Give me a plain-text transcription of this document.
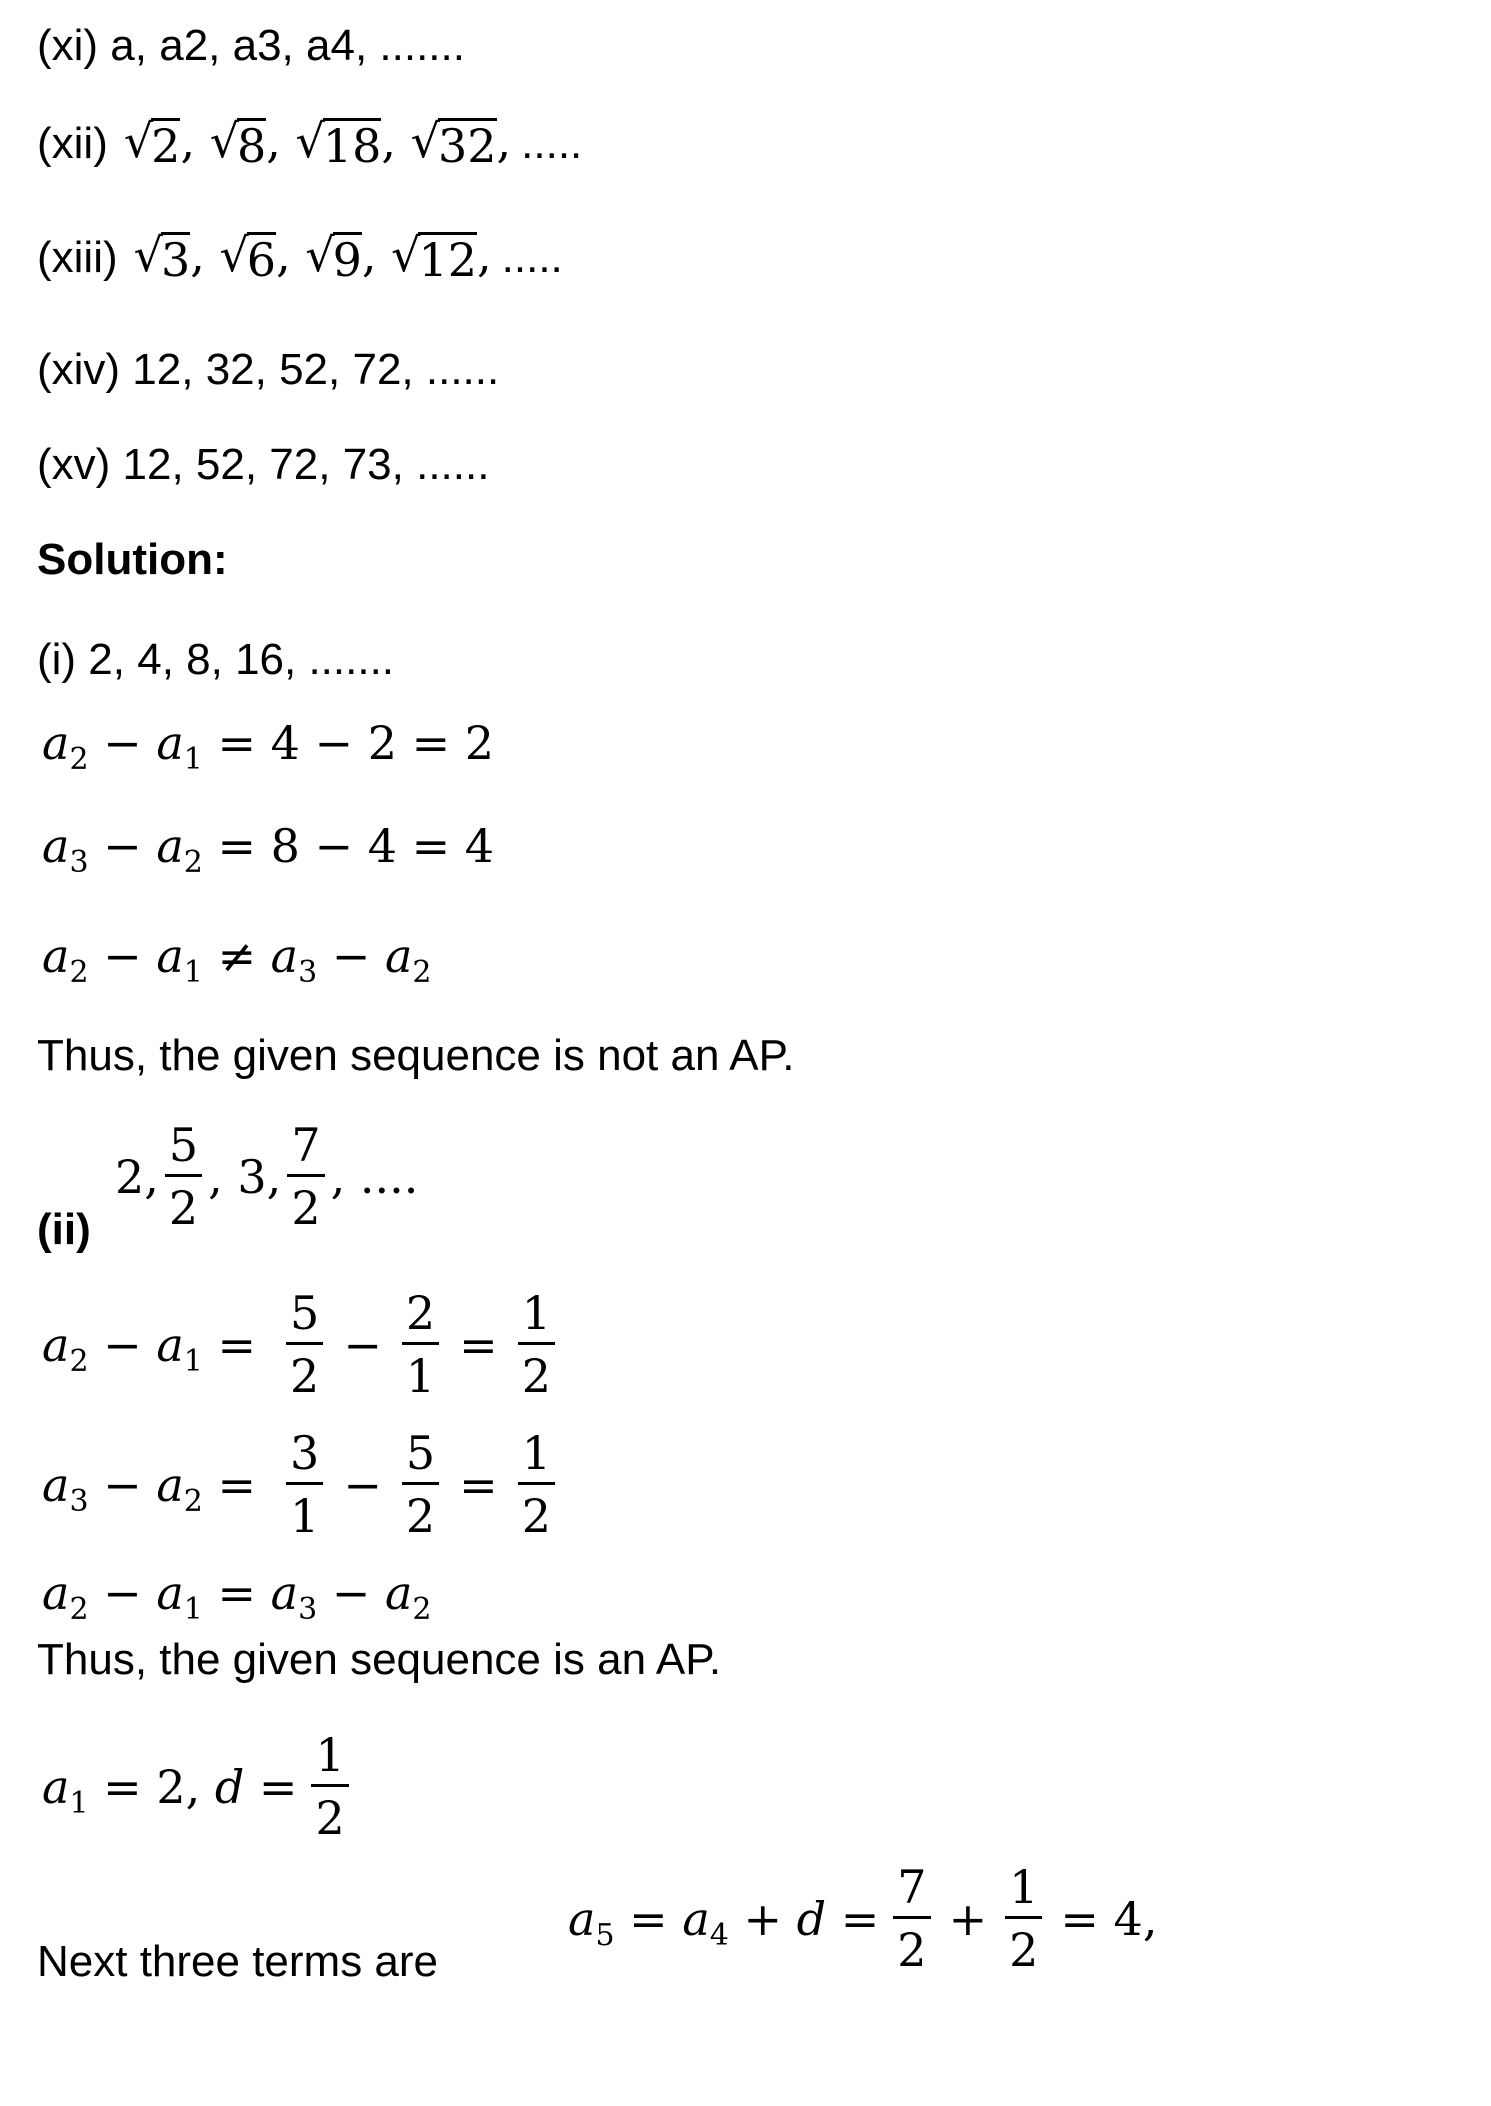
(xi) a, a2, a3, a4, .......
(xii) √
2 , √
8 , √
18 , √
32 , .....
(xiii) √
3 , √
6 , √
9 , √
12 , .....
(xiv) 12, 32, 52, 72, ......
(xv) 12, 52, 72, 73, ......
Solution:
(i) 2, 4, 8, 16, .......
$a_2 - a_1 = 4 - 2 = 2$
$a_3 - a_2 = 8 - 4 = 4$
$a_2 - a_1 \ne a_3 - a_2$
Thus, the given sequence is not an AP.
(ii)
2,
5
2
, 3,
7
2
, ....
$a_2 - a_1 = \frac{5}{2} - \frac{2}{1} = \frac{1}{2}$
$a_3 - a_2 = \frac{3}{1} - \frac{5}{2} = \frac{1}{2}$
$a_2 - a_1 = a_3 - a_2$
Thus, the given sequence is an AP.
$a_1 = 2$, $d = \frac{1}{2}$
Next three terms are
$a_5 = a_4 + d = \frac{7}{2} + \frac{1}{2} = 4$,
